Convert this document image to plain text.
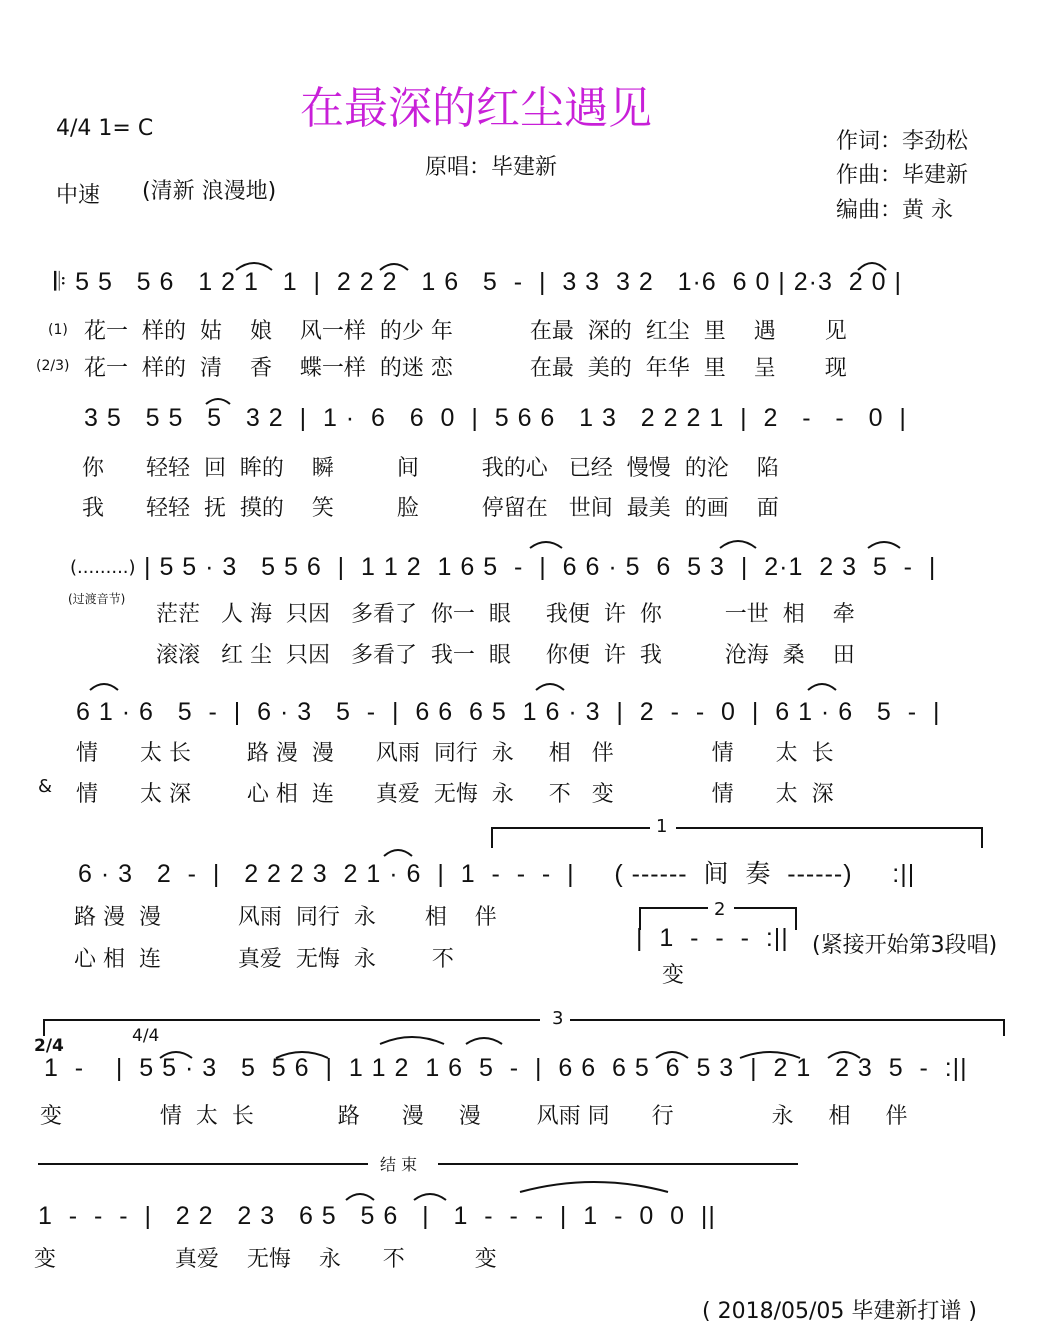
在最深的红尘遇见
4/4 1= C
中速 (清新 浪漫地)
原唱：毕建新
作词：李劲松
作曲：毕建新
编曲：黄 永
𝄆 5 5   5 6   1 2 1   1  |  2 2 2   1 6   5  -  |  3 3  3 2   1·6  6 0 | 2·3  2 0 |
(1) 花一  样的  姑    娘    风一样  的少 年           在最  深的  红尘  里    遇       见
(2/3) 花一  样的  清    香    蝶一样  的迷 恋           在最  美的  年华  里    呈       现
3 5   5 5   5   3 2  |  1 ·  6   6  0  |  5 6 6   1 3   2 2 2 1  |  2   -   -   0  |
你      轻轻  回  眸的    瞬         间         我的心   已经  慢慢  的沦    陷
我      轻轻  抚  摸的    笑         脸         停留在   世间  最美  的画    面
(.........)
(过渡音节)
| 5 5 · 3   5 5 6  |  1 1 2  1 6 5  -  |  6 6 · 5  6  5 3  |  2·1  2 3  5  -  |
茫茫   人 海  只因   多看了  你一  眼     我便  许  你         一世  相    牵
滚滚   红 尘  只因   多看了  我一  眼     你便  许  我         沧海  桑    田
6 1 · 6   5  -  |  6 · 3   5  -  |  6 6  6 5  1 6 · 3  |  2  -  -  0  |  6 1 · 6   5  -  |
情      太 长        路 漫  漫      风雨  同行  永     相   伴              情      太  长
& 情      太 深        心 相  连      真爱  无悔  永     不   变              情      太  深
1
6 · 3   2  -  |   2 2 2 3  2 1 · 6  |  1  -  -  -  |     ( ------  间  奏  ------)     :||
路 漫  漫           风雨  同行  永       相    伴
心 相  连           真爱  无悔  永        不
2
|  1  -  -  -  :||
变
(紧接开始第3段唱)
3
2/4	4/4
1  -    |  5 5 · 3   5  5 6  |  1 1 2  1 6  5  -  |  6 6  6 5  6  5 3  |  2 1   2 3  5  -  :||
变              情  太  长            路      漫     漫        风雨 同      行              永     相     伴
结 束
1  -  -  -  |   2 2   2 3   6 5   5 6   |   1  -  -  -  |  1  -  0  0  ||
变                 真爱    无悔    永      不          变
( 2018/05/05 毕建新打谱 )
